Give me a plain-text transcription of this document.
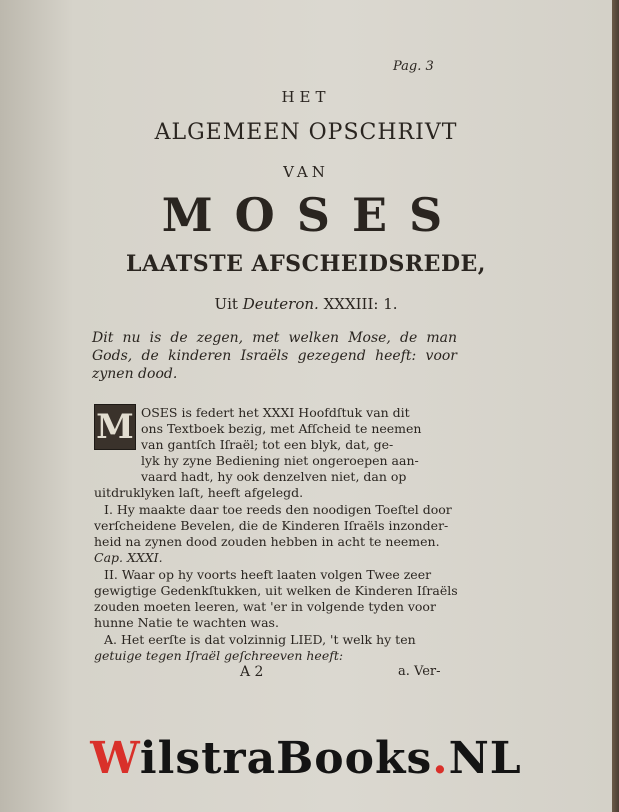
Pag. 3
HET
ALGEMEEN OPSCHRIVT
VAN
MOSES
LAATSTE AFSCHEIDSREDE,
Uit Deuteron. XXXIII: 1.
Dit nu is de zegen, met welken Mose, de man Gods, de kinderen Israëls gezegend heeft: voor zynen dood.
M OSES is federt het XXXI Hoofdſtuk van dit
ons Textboek bezig, met Afſcheid te neemen
van gantſch Iſraël; tot een blyk, dat, ge-
lyk hy zyne Bediening niet ongeroepen aan-
vaard hadt, hy ook denzelven niet, dan op
uitdruklyken laſt, heeft afgelegd.
I. Hy maakte daar toe reeds den noodigen Toeſtel door
verſcheidene Bevelen, die de Kinderen Iſraëls inzonder-
heid na zynen dood zouden hebben in acht te neemen.
Cap. XXXI.
II. Waar op hy voorts heeft laaten volgen Twee zeer
gewigtige Gedenkſtukken, uit welken de Kinderen Iſraëls
zouden moeten leeren, wat 'er in volgende tyden voor
hunne Natie te wachten was.
A. Het eerſte is dat volzinnig LIED, 't welk hy ten
getuige tegen Iſraël geſchreeven heeft:
A 2	a. Ver-
WilstraBooks.NL
